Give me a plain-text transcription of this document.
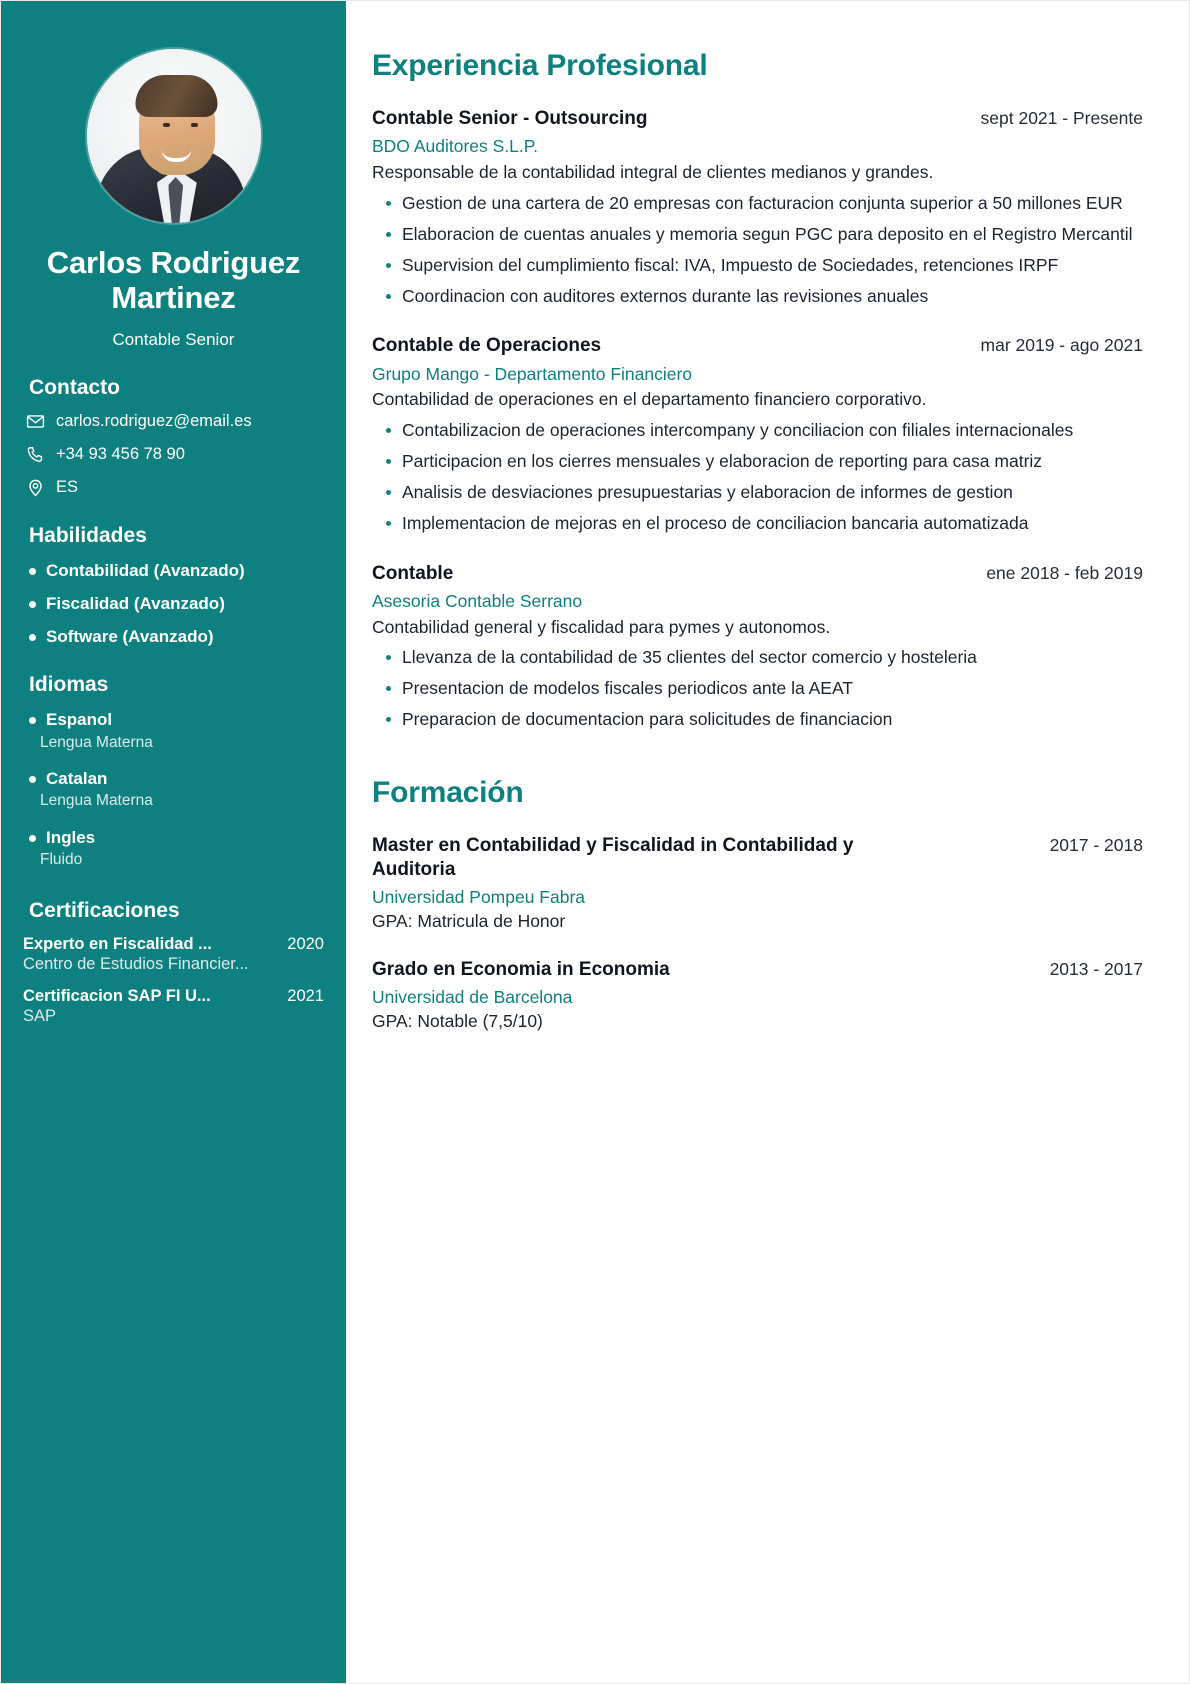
Carlos Rodriguez Martinez
Contable Senior
Contacto
carlos.rodriguez@email.es
+34 93 456 78 90
ES
Habilidades
Contabilidad (Avanzado)
Fiscalidad (Avanzado)
Software (Avanzado)
Idiomas
Espanol
Lengua Materna
Catalan
Lengua Materna
Ingles
Fluido
Certificaciones
Experto en Fiscalidad ...	2020
Centro de Estudios Financier...
Certificacion SAP FI U...	2021
SAP
Experiencia Profesional
Contable Senior - Outsourcing	sept 2021 - Presente
BDO Auditores S.L.P.
Responsable de la contabilidad integral de clientes medianos y grandes.
Gestion de una cartera de 20 empresas con facturacion conjunta superior a 50 millones EUR
Elaboracion de cuentas anuales y memoria segun PGC para deposito en el Registro Mercantil
Supervision del cumplimiento fiscal: IVA, Impuesto de Sociedades, retenciones IRPF
Coordinacion con auditores externos durante las revisiones anuales
Contable de Operaciones	mar 2019 - ago 2021
Grupo Mango - Departamento Financiero
Contabilidad de operaciones en el departamento financiero corporativo.
Contabilizacion de operaciones intercompany y conciliacion con filiales internacionales
Participacion en los cierres mensuales y elaboracion de reporting para casa matriz
Analisis de desviaciones presupuestarias y elaboracion de informes de gestion
Implementacion de mejoras en el proceso de conciliacion bancaria automatizada
Contable	ene 2018 - feb 2019
Asesoria Contable Serrano
Contabilidad general y fiscalidad para pymes y autonomos.
Llevanza de la contabilidad de 35 clientes del sector comercio y hosteleria
Presentacion de modelos fiscales periodicos ante la AEAT
Preparacion de documentacion para solicitudes de financiacion
Formación
Master en Contabilidad y Fiscalidad in Contabilidad y Auditoria
2017 - 2018
Universidad Pompeu Fabra
GPA: Matricula de Honor
Grado en Economia in Economia	2013 - 2017
Universidad de Barcelona
GPA: Notable (7,5/10)
